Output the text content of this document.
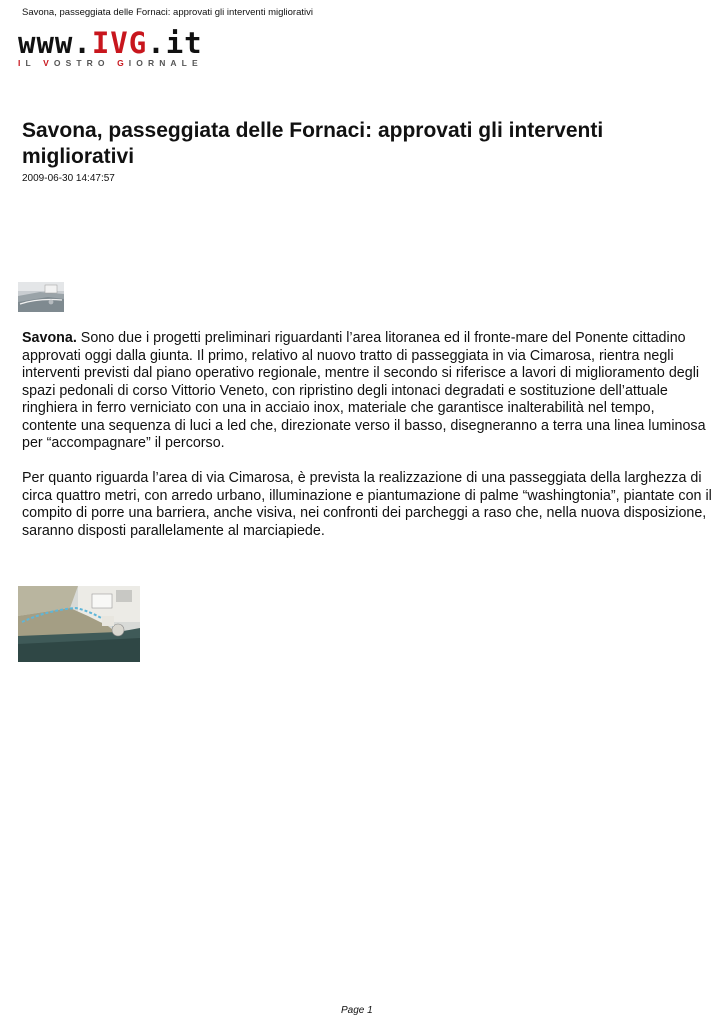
Savona, passeggiata delle Fornaci: approvati gli interventi migliorativi
www.IVG.it
IL VOSTRO GIORNALE
Savona, passeggiata delle Fornaci: approvati gli interventi migliorativi
2009-06-30 14:47:57

Savona. Sono due i progetti preliminari riguardanti l’area litoranea ed il fronte-mare del Ponente cittadino approvati oggi dalla giunta. Il primo, relativo al nuovo tratto di passeggiata in via Cimarosa, rientra negli interventi previsti dal piano operativo regionale, mentre il secondo si riferisce a lavori di miglioramento degli spazi pedonali di corso Vittorio Veneto, con ripristino degli intonaci degradati e sostituzione dell’attuale ringhiera in ferro verniciato con una in acciaio inox, materiale che garantisce inalterabilità nel tempo, contente una sequenza di luci a led che, direzionate verso il basso, disegneranno a terra una linea luminosa per “accompagnare” il percorso.

Per quanto riguarda l’area di via Cimarosa, è prevista la realizzazione di una passeggiata della larghezza di circa quattro metri, con arredo urbano, illuminazione e piantumazione di palme “washingtonia”, piantate con il compito di porre una barriera, anche visiva, nei confronti dei parcheggi a raso che, nella nuova disposizione, saranno disposti parallelamente al marciapiede.

Page 1
